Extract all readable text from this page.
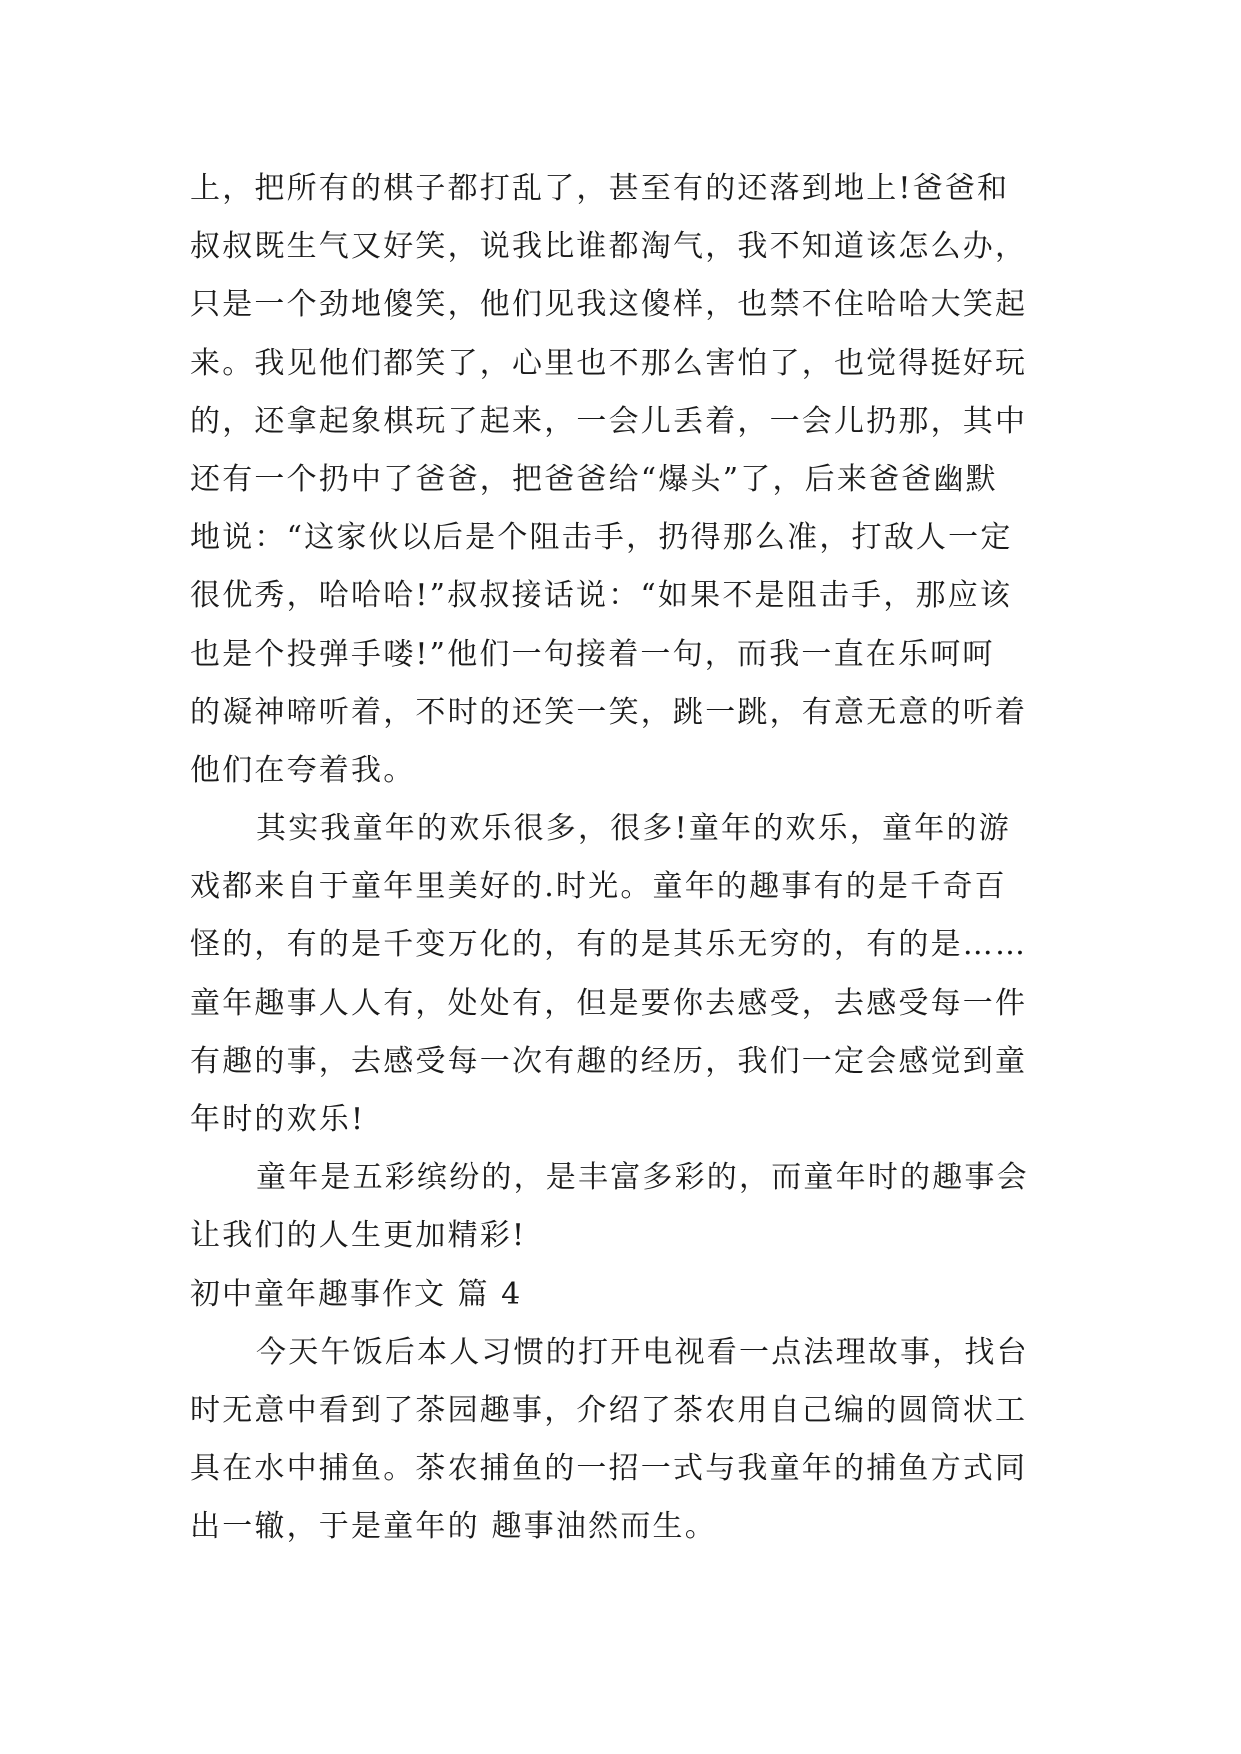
上，把所有的棋子都打乱了，甚至有的还落到地上!爸爸和
叔叔既生气又好笑，说我比谁都淘气，我不知道该怎么办，
只是一个劲地傻笑，他们见我这傻样，也禁不住哈哈大笑起
来。我见他们都笑了，心里也不那么害怕了，也觉得挺好玩
的，还拿起象棋玩了起来，一会儿丢着，一会儿扔那，其中
还有一个扔中了爸爸，把爸爸给“爆头”了，后来爸爸幽默
地说：“这家伙以后是个阻击手，扔得那么准，打敌人一定
很优秀，哈哈哈!”叔叔接话说：“如果不是阻击手，那应该
也是个投弹手喽!”他们一句接着一句，而我一直在乐呵呵
的凝神啼听着，不时的还笑一笑，跳一跳，有意无意的听着
他们在夸着我。
其实我童年的欢乐很多，很多!童年的欢乐，童年的游
戏都来自于童年里美好的.时光。童年的趣事有的是千奇百
怪的，有的是千变万化的，有的是其乐无穷的，有的是……
童年趣事人人有，处处有，但是要你去感受，去感受每一件
有趣的事，去感受每一次有趣的经历，我们一定会感觉到童
年时的欢乐!
童年是五彩缤纷的，是丰富多彩的，而童年时的趣事会
让我们的人生更加精彩!
初中童年趣事作文 篇 4
今天午饭后本人习惯的打开电视看一点法理故事，找台
时无意中看到了茶园趣事，介绍了茶农用自己编的圆筒状工
具在水中捕鱼。茶农捕鱼的一招一式与我童年的捕鱼方式同
出一辙，于是童年的 趣事油然而生。
